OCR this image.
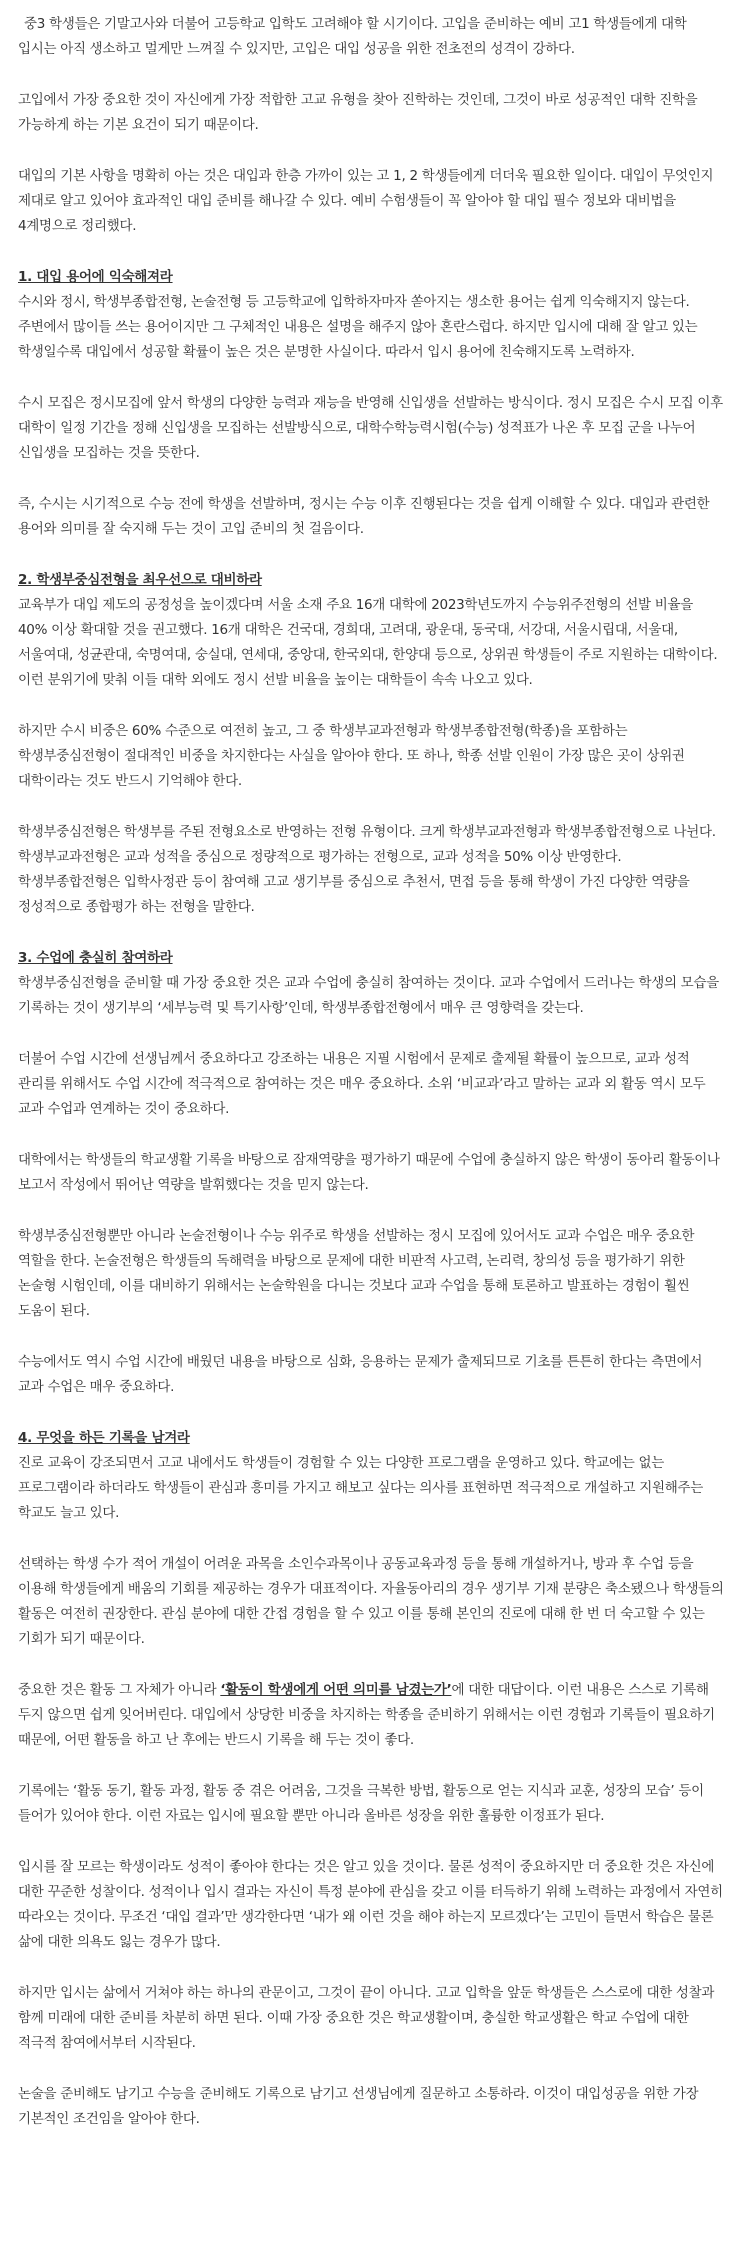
중3 학생들은 기말고사와 더불어 고등학교 입학도 고려해야 할 시기이다. 고입을 준비하는 예비 고1 학생들에게 대학 입시는 아직 생소하고 멀게만 느껴질 수 있지만, 고입은 대입 성공을 위한 전초전의 성격이 강하다.

고입에서 가장 중요한 것이 자신에게 가장 적합한 고교 유형을 찾아 진학하는 것인데, 그것이 바로 성공적인 대학 진학을 가능하게 하는 기본 요건이 되기 때문이다.

대입의 기본 사항을 명확히 아는 것은 대입과 한층 가까이 있는 고 1, 2 학생들에게 더더욱 필요한 일이다. 대입이 무엇인지 제대로 알고 있어야 효과적인 대입 준비를 해나갈 수 있다. 예비 수험생들이 꼭 알아야 할 대입 필수 정보와 대비법을 4계명으로 정리했다.

1. 대입 용어에 익숙해져라
수시와 정시, 학생부종합전형, 논술전형 등 고등학교에 입학하자마자 쏟아지는 생소한 용어는 쉽게 익숙해지지 않는다. 주변에서 많이들 쓰는 용어이지만 그 구체적인 내용은 설명을 해주지 않아 혼란스럽다. 하지만 입시에 대해 잘 알고 있는 학생일수록 대입에서 성공할 확률이 높은 것은 분명한 사실이다. 따라서 입시 용어에 친숙해지도록 노력하자.

수시 모집은 정시모집에 앞서 학생의 다양한 능력과 재능을 반영해 신입생을 선발하는 방식이다. 정시 모집은 수시 모집 이후 대학이 일정 기간을 정해 신입생을 모집하는 선발방식으로, 대학수학능력시험(수능) 성적표가 나온 후 모집 군을 나누어 신입생을 모집하는 것을 뜻한다.

즉, 수시는 시기적으로 수능 전에 학생을 선발하며, 정시는 수능 이후 진행된다는 것을 쉽게 이해할 수 있다. 대입과 관련한 용어와 의미를 잘 숙지해 두는 것이 고입 준비의 첫 걸음이다.

2. 학생부중심전형을 최우선으로 대비하라
교육부가 대입 제도의 공정성을 높이겠다며 서울 소재 주요 16개 대학에 2023학년도까지 수능위주전형의 선발 비율을 40% 이상 확대할 것을 권고했다. 16개 대학은 건국대, 경희대, 고려대, 광운대, 동국대, 서강대, 서울시립대, 서울대, 서울여대, 성균관대, 숙명여대, 숭실대, 연세대, 중앙대, 한국외대, 한양대 등으로, 상위권 학생들이 주로 지원하는 대학이다. 이런 분위기에 맞춰 이들 대학 외에도 정시 선발 비율을 높이는 대학들이 속속 나오고 있다.

하지만 수시 비중은 60% 수준으로 여전히 높고, 그 중 학생부교과전형과 학생부종합전형(학종)을 포함하는 학생부중심전형이 절대적인 비중을 차지한다는 사실을 알아야 한다. 또 하나, 학종 선발 인원이 가장 많은 곳이 상위권 대학이라는 것도 반드시 기억해야 한다.

학생부중심전형은 학생부를 주된 전형요소로 반영하는 전형 유형이다. 크게 학생부교과전형과 학생부종합전형으로 나뉜다. 학생부교과전형은 교과 성적을 중심으로 정량적으로 평가하는 전형으로, 교과 성적을 50% 이상 반영한다. 학생부종합전형은 입학사정관 등이 참여해 고교 생기부를 중심으로 추천서, 면접 등을 통해 학생이 가진 다양한 역량을 정성적으로 종합평가 하는 전형을 말한다.

3. 수업에 충실히 참여하라
학생부중심전형을 준비할 때 가장 중요한 것은 교과 수업에 충실히 참여하는 것이다. 교과 수업에서 드러나는 학생의 모습을 기록하는 것이 생기부의 ‘세부능력 및 특기사항’인데, 학생부종합전형에서 매우 큰 영향력을 갖는다.

더불어 수업 시간에 선생님께서 중요하다고 강조하는 내용은 지필 시험에서 문제로 출제될 확률이 높으므로, 교과 성적 관리를 위해서도 수업 시간에 적극적으로 참여하는 것은 매우 중요하다. 소위 ‘비교과’라고 말하는 교과 외 활동 역시 모두 교과 수업과 연계하는 것이 중요하다.

대학에서는 학생들의 학교생활 기록을 바탕으로 잠재역량을 평가하기 때문에 수업에 충실하지 않은 학생이 동아리 활동이나 보고서 작성에서 뛰어난 역량을 발휘했다는 것을 믿지 않는다.

학생부중심전형뿐만 아니라 논술전형이나 수능 위주로 학생을 선발하는 정시 모집에 있어서도 교과 수업은 매우 중요한 역할을 한다. 논술전형은 학생들의 독해력을 바탕으로 문제에 대한 비판적 사고력, 논리력, 창의성 등을 평가하기 위한 논술형 시험인데, 이를 대비하기 위해서는 논술학원을 다니는 것보다 교과 수업을 통해 토론하고 발표하는 경험이 훨씬 도움이 된다.

수능에서도 역시 수업 시간에 배웠던 내용을 바탕으로 심화, 응용하는 문제가 출제되므로 기초를 튼튼히 한다는 측면에서 교과 수업은 매우 중요하다.

4. 무엇을 하든 기록을 남겨라
진로 교육이 강조되면서 고교 내에서도 학생들이 경험할 수 있는 다양한 프로그램을 운영하고 있다. 학교에는 없는 프로그램이라 하더라도 학생들이 관심과 흥미를 가지고 해보고 싶다는 의사를 표현하면 적극적으로 개설하고 지원해주는 학교도 늘고 있다.

선택하는 학생 수가 적어 개설이 어려운 과목을 소인수과목이나 공동교육과정 등을 통해 개설하거나, 방과 후 수업 등을 이용해 학생들에게 배움의 기회를 제공하는 경우가 대표적이다. 자율동아리의 경우 생기부 기재 분량은 축소됐으나 학생들의 활동은 여전히 권장한다. 관심 분야에 대한 간접 경험을 할 수 있고 이를 통해 본인의 진로에 대해 한 번 더 숙고할 수 있는 기회가 되기 때문이다.

중요한 것은 활동 그 자체가 아니라 ‘활동이 학생에게 어떤 의미를 남겼는가’에 대한 대답이다. 이런 내용은 스스로 기록해 두지 않으면 쉽게 잊어버린다. 대입에서 상당한 비중을 차지하는 학종을 준비하기 위해서는 이런 경험과 기록들이 필요하기 때문에, 어떤 활동을 하고 난 후에는 반드시 기록을 해 두는 것이 좋다.

기록에는 ‘활동 동기, 활동 과정, 활동 중 겪은 어려움, 그것을 극복한 방법, 활동으로 얻는 지식과 교훈, 성장의 모습’ 등이 들어가 있어야 한다. 이런 자료는 입시에 필요할 뿐만 아니라 올바른 성장을 위한 훌륭한 이정표가 된다.

입시를 잘 모르는 학생이라도 성적이 좋아야 한다는 것은 알고 있을 것이다. 물론 성적이 중요하지만 더 중요한 것은 자신에 대한 꾸준한 성찰이다. 성적이나 입시 결과는 자신이 특정 분야에 관심을 갖고 이를 터득하기 위해 노력하는 과정에서 자연히 따라오는 것이다. 무조건 ‘대입 결과’만 생각한다면 ‘내가 왜 이런 것을 해야 하는지 모르겠다’는 고민이 들면서 학습은 물론 삶에 대한 의욕도 잃는 경우가 많다.

하지만 입시는 삶에서 거쳐야 하는 하나의 관문이고, 그것이 끝이 아니다. 고교 입학을 앞둔 학생들은 스스로에 대한 성찰과 함께 미래에 대한 준비를 차분히 하면 된다. 이때 가장 중요한 것은 학교생활이며, 충실한 학교생활은 학교 수업에 대한 적극적 참여에서부터 시작된다.

논술을 준비해도 남기고 수능을 준비해도 기록으로 남기고 선생님에게 질문하고 소통하라. 이것이 대입성공을 위한 가장 기본적인 조건임을 알아야 한다.
